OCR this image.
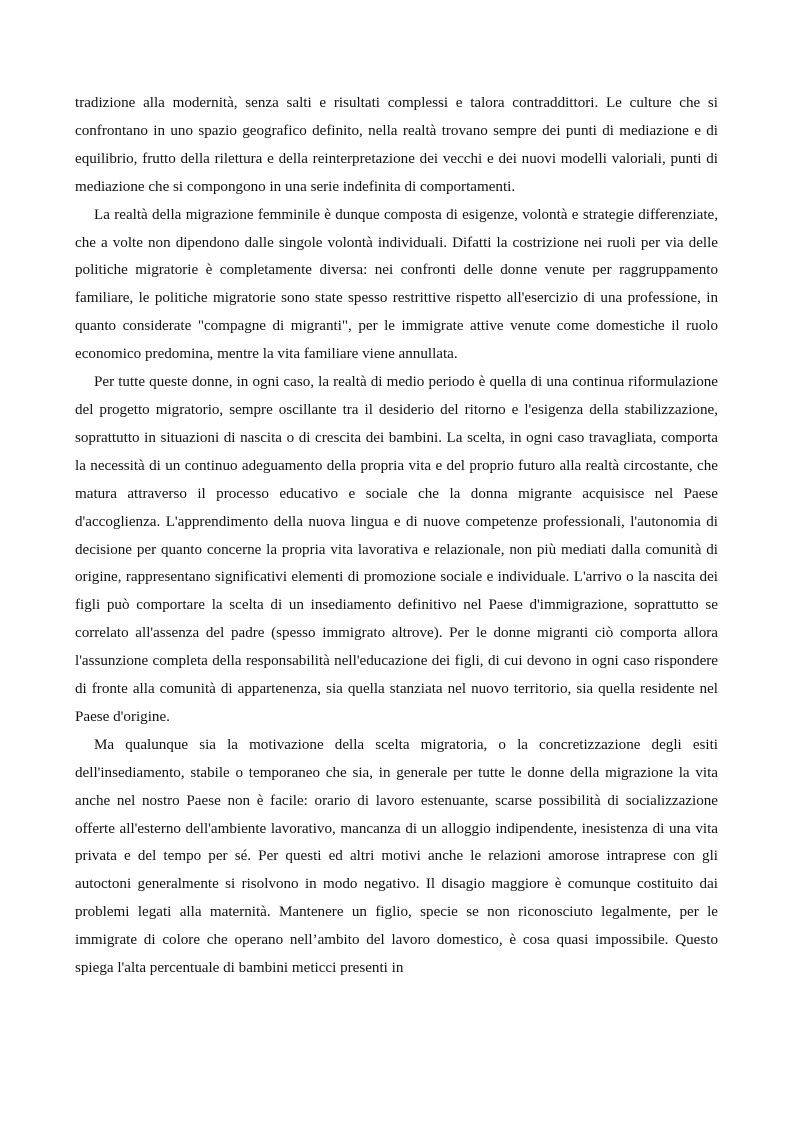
tradizione alla modernità, senza salti e risultati complessi e talora contraddittori. Le culture che si confrontano in uno spazio geografico definito, nella realtà trovano sempre dei punti di mediazione e di equilibrio, frutto della rilettura e della reinterpretazione dei vecchi e dei nuovi modelli valoriali, punti di mediazione che si compongono in una serie indefinita di comportamenti.

La realtà della migrazione femminile è dunque composta di esigenze, volontà e strategie differenziate, che a volte non dipendono dalle singole volontà individuali. Difatti la costrizione nei ruoli per via delle politiche migratorie è completamente diversa: nei confronti delle donne venute per raggruppamento familiare, le politiche migratorie sono state spesso restrittive rispetto all'esercizio di una professione, in quanto considerate "compagne di migranti", per le immigrate attive venute come domestiche il ruolo economico predomina, mentre la vita familiare viene annullata.

Per tutte queste donne, in ogni caso, la realtà di medio periodo è quella di una continua riformulazione del progetto migratorio, sempre oscillante tra il desiderio del ritorno e l'esigenza della stabilizzazione, soprattutto in situazioni di nascita o di crescita dei bambini. La scelta, in ogni caso travagliata, comporta la necessità di un continuo adeguamento della propria vita e del proprio futuro alla realtà circostante, che matura attraverso il processo educativo e sociale che la donna migrante acquisisce nel Paese d'accoglienza. L'apprendimento della nuova lingua e di nuove competenze professionali, l'autonomia di decisione per quanto concerne la propria vita lavorativa e relazionale, non più mediati dalla comunità di origine, rappresentano significativi elementi di promozione sociale e individuale. L'arrivo o la nascita dei figli può comportare la scelta di un insediamento definitivo nel Paese d'immigrazione, soprattutto se correlato all'assenza del padre (spesso immigrato altrove). Per le donne migranti ciò comporta allora l'assunzione completa della responsabilità nell'educazione dei figli, di cui devono in ogni caso rispondere di fronte alla comunità di appartenenza, sia quella stanziata nel nuovo territorio, sia quella residente nel Paese d'origine.

Ma qualunque sia la motivazione della scelta migratoria, o la concretizzazione degli esiti dell'insediamento, stabile o temporaneo che sia, in generale per tutte le donne della migrazione la vita anche nel nostro Paese non è facile: orario di lavoro estenuante, scarse possibilità di socializzazione offerte all'esterno dell'ambiente lavorativo, mancanza di un alloggio indipendente, inesistenza di una vita privata e del tempo per sé. Per questi ed altri motivi anche le relazioni amorose intraprese con gli autoctoni generalmente si risolvono in modo negativo. Il disagio maggiore è comunque costituito dai problemi legati alla maternità. Mantenere un figlio, specie se non riconosciuto legalmente, per le immigrate di colore che operano nell’ambito del lavoro domestico, è cosa quasi impossibile. Questo spiega l'alta percentuale di bambini meticci presenti in
